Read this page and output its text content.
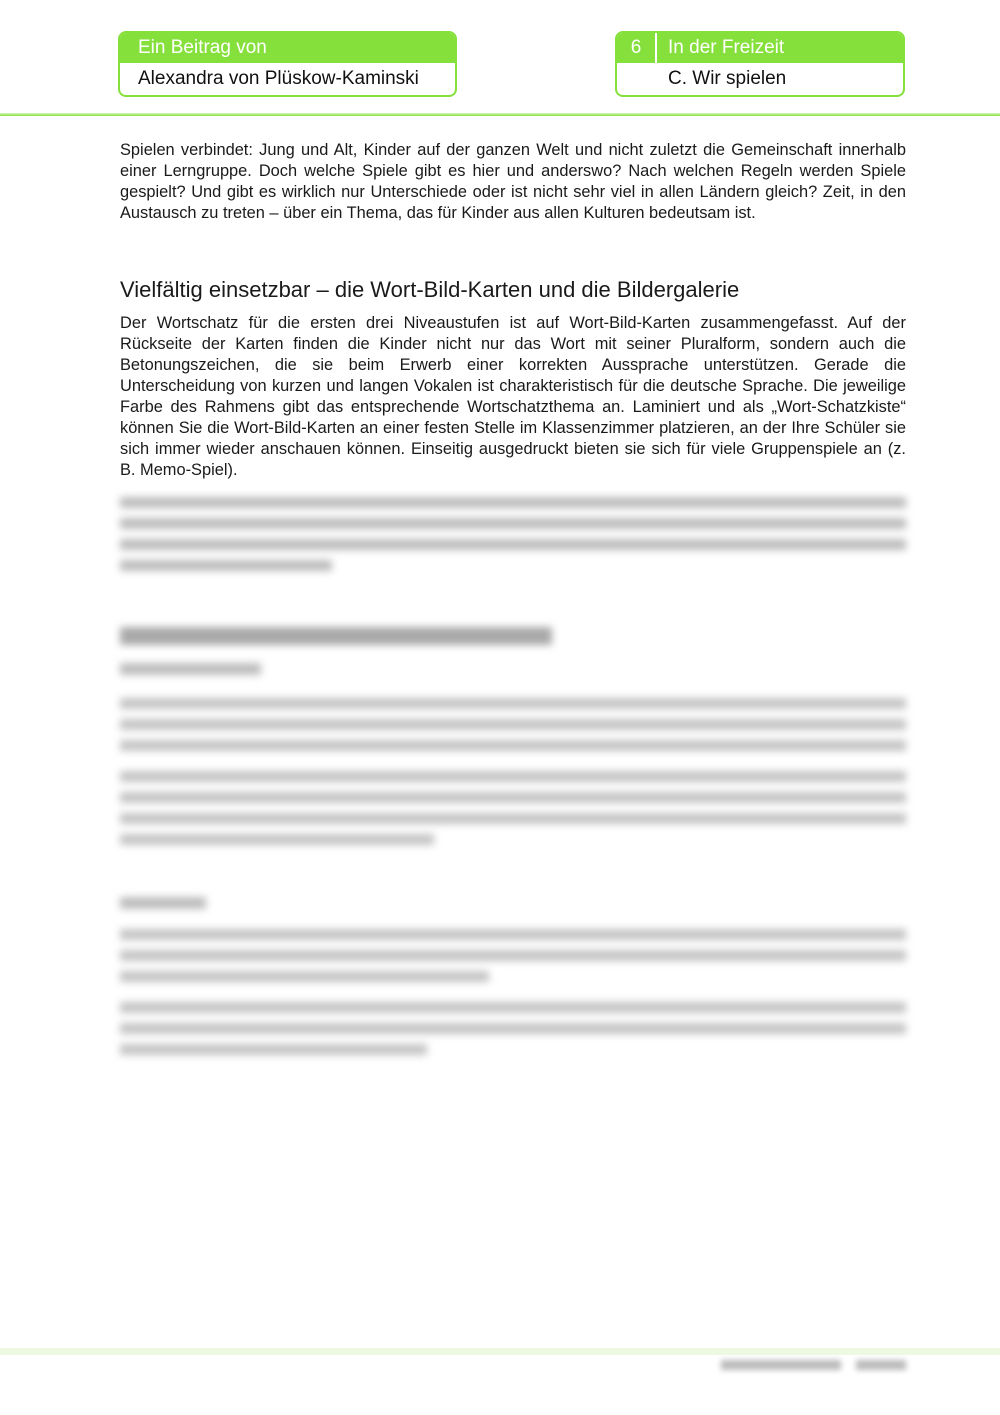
Ein Beitrag von
Alexandra von Plüskow-Kaminski
6	In der Freizeit
C. Wir spielen

Spielen verbindet: Jung und Alt, Kinder auf der ganzen Welt und nicht zuletzt die Gemeinschaft innerhalb einer Lerngruppe. Doch welche Spiele gibt es hier und anderswo? Nach welchen Regeln werden Spiele gespielt? Und gibt es wirklich nur Unterschiede oder ist nicht sehr viel in allen Ländern gleich? Zeit, in den Austausch zu treten – über ein Thema, das für Kinder aus allen Kulturen bedeutsam ist.

Vielfältig einsetzbar – die Wort-Bild-Karten und die Bildergalerie

Der Wortschatz für die ersten drei Niveaustufen ist auf Wort-Bild-Karten zusammengefasst. Auf der Rückseite der Karten finden die Kinder nicht nur das Wort mit seiner Pluralform, sondern auch die Betonungszeichen, die sie beim Erwerb einer korrekten Aussprache unterstützen. Gerade die Unterscheidung von kurzen und langen Vokalen ist charakteristisch für die deutsche Sprache. Die jeweilige Farbe des Rahmens gibt das entsprechende Wortschatzthema an. Laminiert und als „Wort-Schatzkiste“ können Sie die Wort-Bild-Karten an einer festen Stelle im Klassenzimmer platzieren, an der Ihre Schüler sie sich immer wieder anschauen können. Einseitig ausgedruckt bieten sie sich für viele Gruppenspiele an (z. B. Memo-Spiel).
